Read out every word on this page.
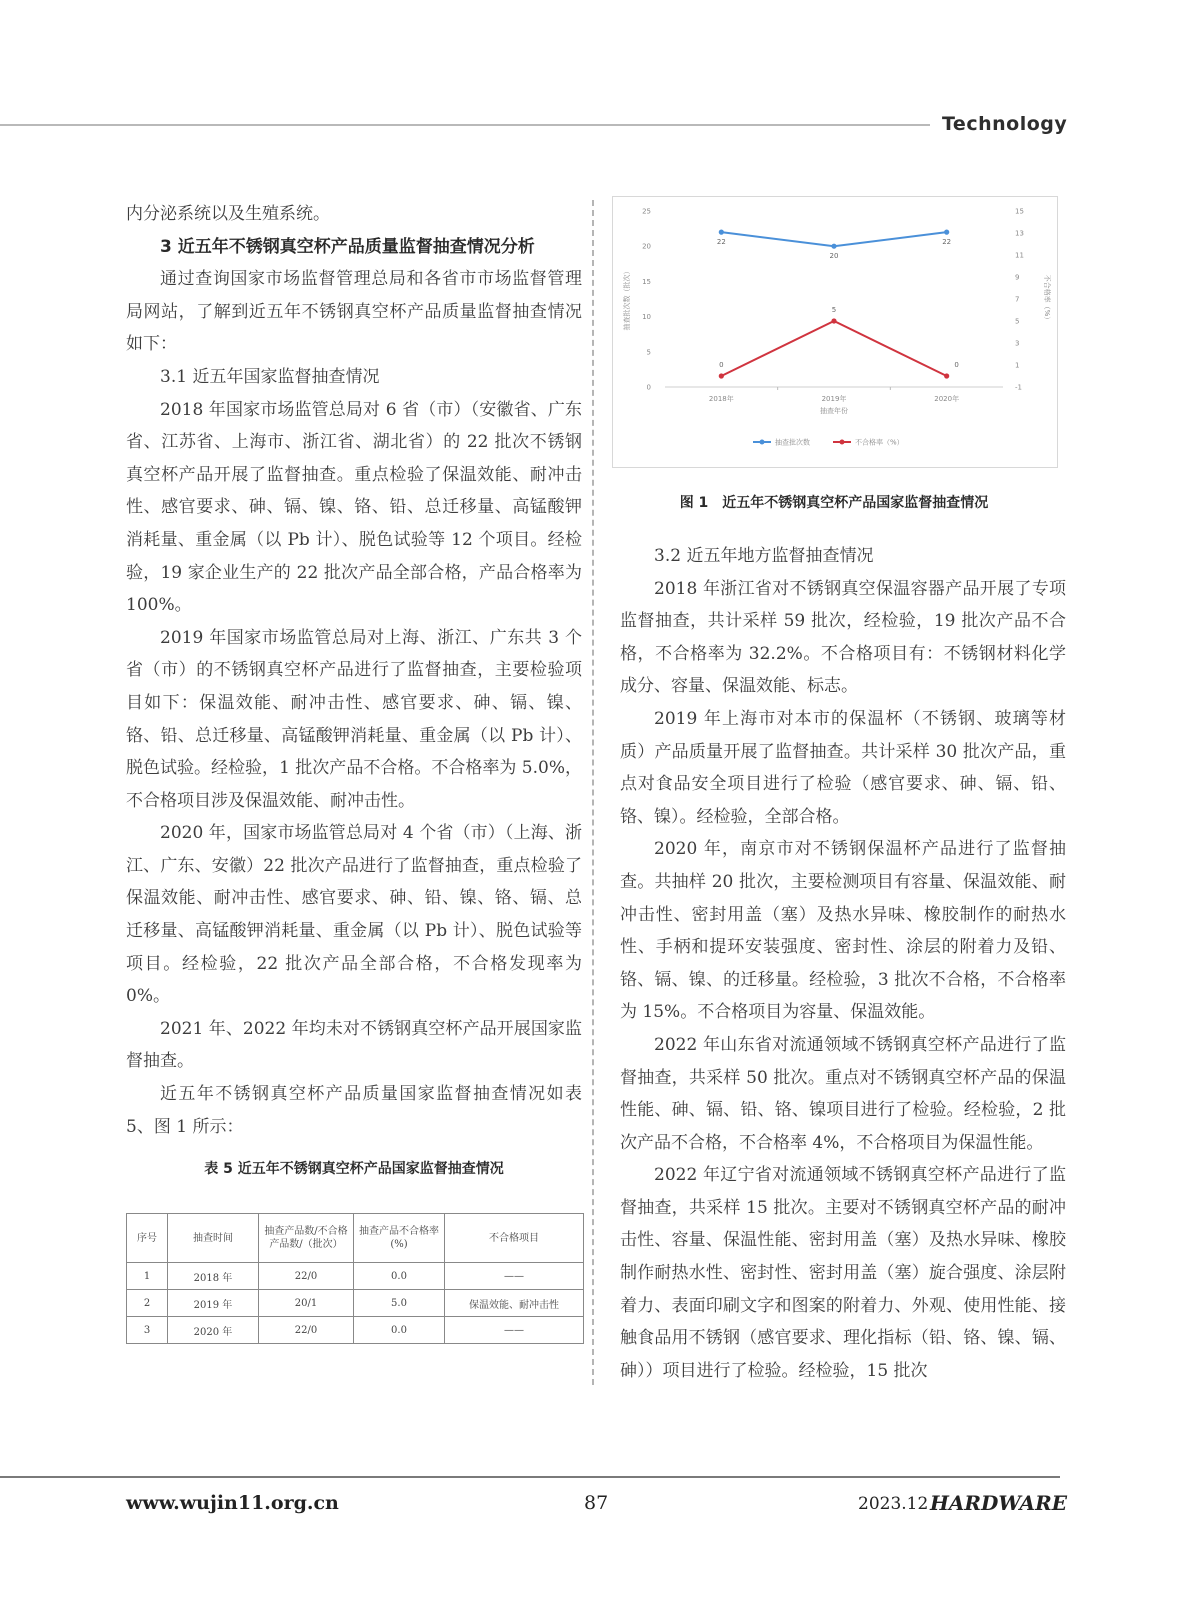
Technology

内分泌系统以及生殖系统。

3 近五年不锈钢真空杯产品质量监督抽查情况分析

通过查询国家市场监督管理总局和各省市市场监督管理局网站，了解到近五年不锈钢真空杯产品质量监督抽查情况如下：

3.1 近五年国家监督抽查情况

2018 年国家市场监管总局对 6 省（市）（安徽省、广东省、江苏省、上海市、浙江省、湖北省）的 22 批次不锈钢真空杯产品开展了监督抽查。重点检验了保温效能、耐冲击性、感官要求、砷、镉、镍、铬、铅、总迁移量、高锰酸钾消耗量、重金属（以 Pb 计）、脱色试验等 12 个项目。经检验，19 家企业生产的 22 批次产品全部合格，产品合格率为 100%。

2019 年国家市场监管总局对上海、浙江、广东共 3 个省（市）的不锈钢真空杯产品进行了监督抽查，主要检验项目如下：保温效能、耐冲击性、感官要求、砷、镉、镍、铬、铅、总迁移量、高锰酸钾消耗量、重金属（以 Pb 计）、脱色试验。经检验，1 批次产品不合格。不合格率为 5.0%，不合格项目涉及保温效能、耐冲击性。

2020 年，国家市场监管总局对 4 个省（市）（上海、浙江、广东、安徽）22 批次产品进行了监督抽查，重点检验了保温效能、耐冲击性、感官要求、砷、铅、镍、铬、镉、总迁移量、高锰酸钾消耗量、重金属（以 Pb 计）、脱色试验等项目。经检验，22 批次产品全部合格，不合格发现率为 0%。

2021 年、2022 年均未对不锈钢真空杯产品开展国家监督抽查。

近五年不锈钢真空杯产品质量国家监督抽查情况如表 5、图 1 所示：

表 5 近五年不锈钢真空杯产品国家监督抽查情况
序号	抽查时间	抽查产品数/不合格产品数/（批次）	抽查产品不合格率(%)	不合格项目
1	2018 年	22/0	0.0	——
2	2019 年	20/1	5.0	保温效能、耐冲击性
3	2020 年	22/0	0.0	——
0
5
10
15
20
25
-1
1
3
5
7
9
11
13
15
2018年	2019年	2020年
抽查年份
抽查批次数（批次）	不合格率（%）
22
20
22
0
5
0
抽查批次数	不合格率（%）
图 1　近五年不锈钢真空杯产品国家监督抽查情况

3.2 近五年地方监督抽查情况

2018 年浙江省对不锈钢真空保温容器产品开展了专项监督抽查，共计采样 59 批次，经检验，19 批次产品不合格，不合格率为 32.2%。不合格项目有：不锈钢材料化学成分、容量、保温效能、标志。

2019 年上海市对本市的保温杯（不锈钢、玻璃等材质）产品质量开展了监督抽查。共计采样 30 批次产品，重点对食品安全项目进行了检验（感官要求、砷、镉、铅、铬、镍）。经检验，全部合格。

2020 年，南京市对不锈钢保温杯产品进行了监督抽查。共抽样 20 批次，主要检测项目有容量、保温效能、耐冲击性、密封用盖（塞）及热水异味、橡胶制作的耐热水性、手柄和提环安装强度、密封性、涂层的附着力及铅、铬、镉、镍、的迁移量。经检验，3 批次不合格，不合格率为 15%。不合格项目为容量、保温效能。

2022 年山东省对流通领域不锈钢真空杯产品进行了监督抽查，共采样 50 批次。重点对不锈钢真空杯产品的保温性能、砷、镉、铅、铬、镍项目进行了检验。经检验，2 批次产品不合格，不合格率 4%，不合格项目为保温性能。

2022 年辽宁省对流通领域不锈钢真空杯产品进行了监督抽查，共采样 15 批次。主要对不锈钢真空杯产品的耐冲击性、容量、保温性能、密封用盖（塞）及热水异味、橡胶制作耐热水性、密封性、密封用盖（塞）旋合强度、涂层附着力、表面印刷文字和图案的附着力、外观、使用性能、接触食品用不锈钢（感官要求、理化指标（铅、铬、镍、镉、砷））项目进行了检验。经检验，15 批次

www.wujin11.org.cn	87	2023.12 HARDWARE
